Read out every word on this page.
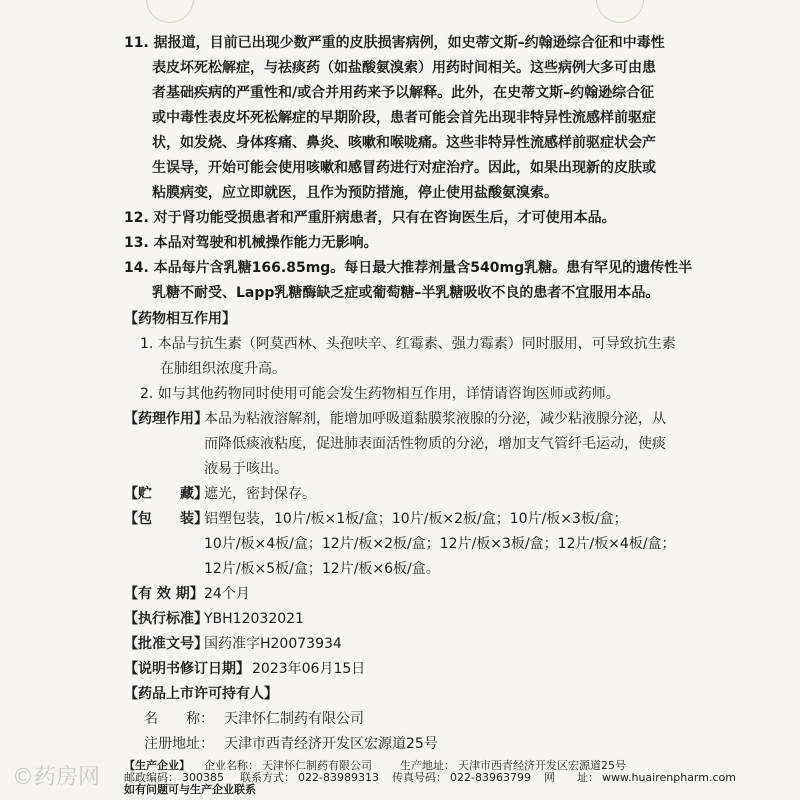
11. 据报道，目前已出现少数严重的皮肤损害病例，如史蒂文斯–约翰逊综合征和中毒性
表皮坏死松解症，与祛痰药（如盐酸氨溴索）用药时间相关。这些病例大多可由患
者基础疾病的严重性和/或合并用药来予以解释。此外，在史蒂文斯–约翰逊综合征
或中毒性表皮坏死松解症的早期阶段，患者可能会首先出现非特异性流感样前驱症
状，如发烧、身体疼痛、鼻炎、咳嗽和喉咙痛。这些非特异性流感样前驱症状会产
生误导，开始可能会使用咳嗽和感冒药进行对症治疗。因此，如果出现新的皮肤或
粘膜病变，应立即就医，且作为预防措施，停止使用盐酸氨溴索。
12. 对于肾功能受损患者和严重肝病患者，只有在咨询医生后，才可使用本品。
13. 本品对驾驶和机械操作能力无影响。
14. 本品每片含乳糖166.85mg。每日最大推荐剂量含540mg乳糖。患有罕见的遗传性半
乳糖不耐受、Lapp乳糖酶缺乏症或葡萄糖–半乳糖吸收不良的患者不宜服用本品。
【药物相互作用】
1. 本品与抗生素（阿莫西林、头孢呋辛、红霉素、强力霉素）同时服用，可导致抗生素
在肺组织浓度升高。
2. 如与其他药物同时使用可能会发生药物相互作用，详情请咨询医师或药师。
【药理作用】
本品为粘液溶解剂，能增加呼吸道黏膜浆液腺的分泌，减少粘液腺分泌，从
而降低痰液粘度，促进肺表面活性物质的分泌，增加支气管纤毛运动，使痰
液易于咳出。
【贮　　藏】
遮光，密封保存。
【包　　装】
铝塑包装，10片/板×1板/盒；10片/板×2板/盒；10片/板×3板/盒；
10片/板×4板/盒；12片/板×2板/盒；12片/板×3板/盒；12片/板×4板/盒；
12片/板×5板/盒；12片/板×6板/盒。
【有 效 期】 24个月
【执行标准】
YBH12032021
【批准文号】
国药准字H20073934
【说明书修订日期】 2023年06月15日
【药品上市许可持有人】
名　　称： 天津怀仁制药有限公司
注册地址： 天津市西青经济开发区宏源道25号
【生产企业】 企业名称： 天津怀仁制药有限公司	生产地址： 天津市西青经济开发区宏源道25号
邮政编码： 300385 联系方式： 022-83989313 传真号码： 022-83963799 网　　址： www.huairenpharm.com
如有问题可与生产企业联系
©药房网
